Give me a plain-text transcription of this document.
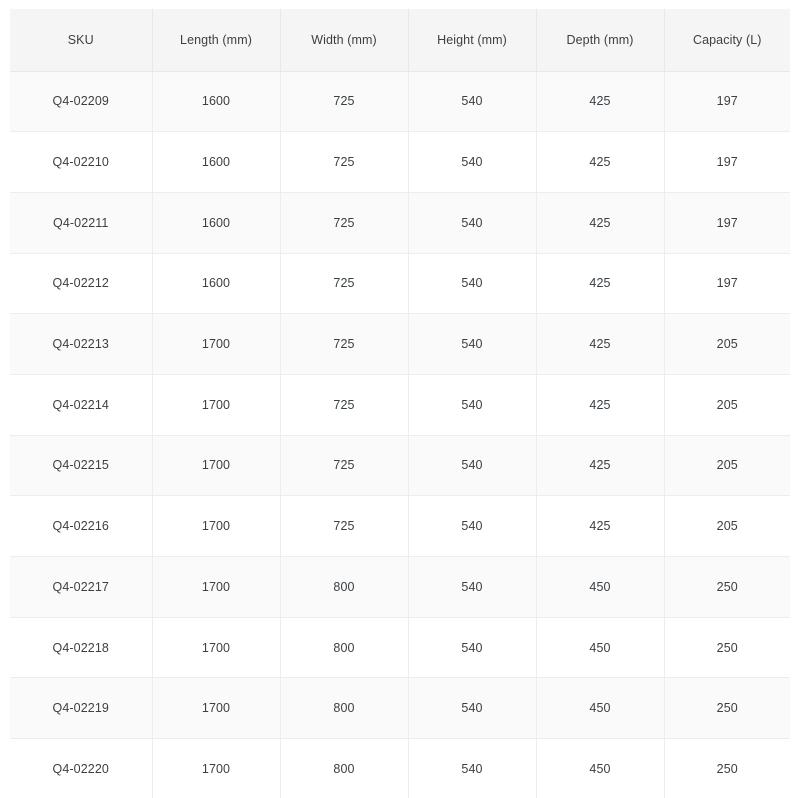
SKU	Length (mm)	Width (mm)	Height (mm)	Depth (mm)	Capacity (L)
Q4-02209	1600	725	540	425	197
Q4-02210	1600	725	540	425	197
Q4-02211	1600	725	540	425	197
Q4-02212	1600	725	540	425	197
Q4-02213	1700	725	540	425	205
Q4-02214	1700	725	540	425	205
Q4-02215	1700	725	540	425	205
Q4-02216	1700	725	540	425	205
Q4-02217	1700	800	540	450	250
Q4-02218	1700	800	540	450	250
Q4-02219	1700	800	540	450	250
Q4-02220	1700	800	540	450	250
